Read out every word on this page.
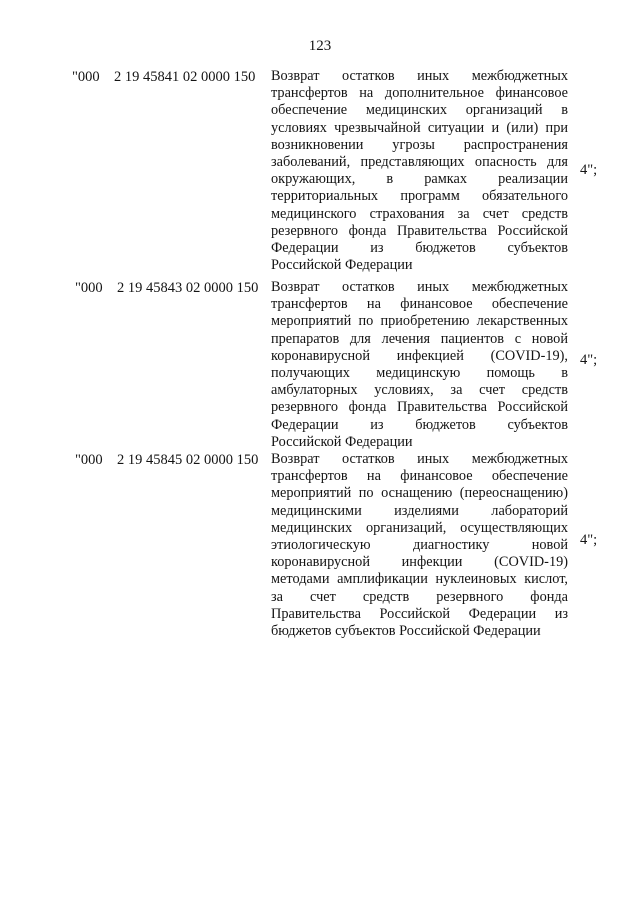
123
"000 2 19 45841 02 0000 150 Возврат остатков иных межбюджетных
трансфертов на дополнительное финансовое
обеспечение медицинских организаций в
условиях чрезвычайной ситуации и (или) при
возникновении угрозы распространения
заболеваний, представляющих опасность для
окружающих, в рамках реализации
территориальных программ обязательного
медицинского страхования за счет средств
резервного фонда Правительства Российской
Федерации из бюджетов субъектов
Российской Федерации
4";
"000 2 19 45843 02 0000 150 Возврат остатков иных межбюджетных
трансфертов на финансовое обеспечение
мероприятий по приобретению лекарственных
препаратов для лечения пациентов с новой
коронавирусной инфекцией (COVID-19),
получающих медицинскую помощь в
амбулаторных условиях, за счет средств
резервного фонда Правительства Российской
Федерации из бюджетов субъектов
Российской Федерации
4";
"000 2 19 45845 02 0000 150 Возврат остатков иных межбюджетных
трансфертов на финансовое обеспечение
мероприятий по оснащению (переоснащению)
медицинскими изделиями лабораторий
медицинских организаций, осуществляющих
этиологическую диагностику новой
коронавирусной инфекции (COVID-19)
методами амплификации нуклеиновых кислот,
за счет средств резервного фонда
Правительства Российской Федерации из
бюджетов субъектов Российской Федерации
4";
